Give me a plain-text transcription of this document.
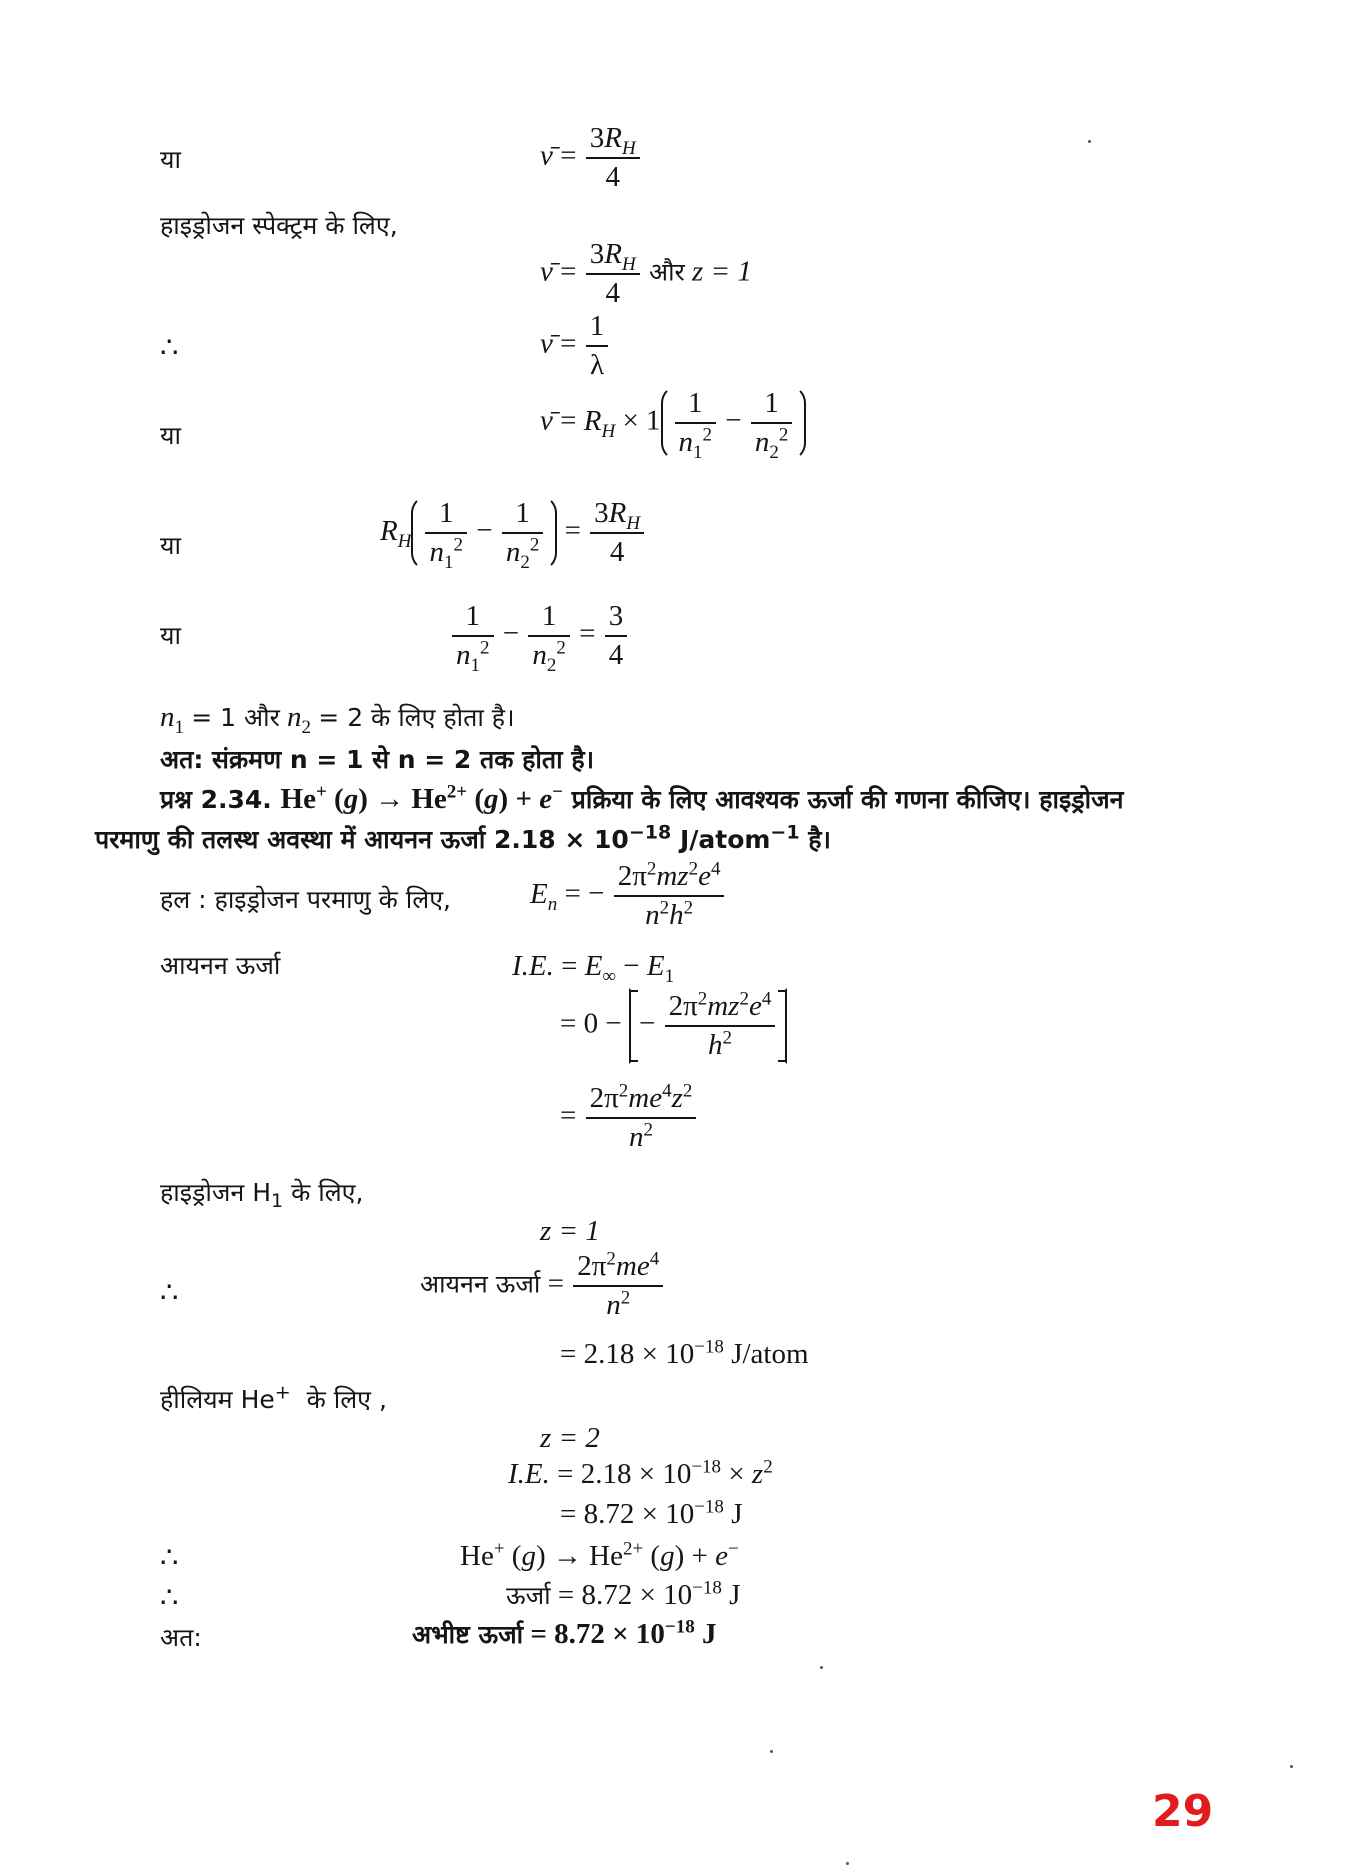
या	ν̄ = $\frac{3R_H}{4}$
हाइड्रोजन स्पेक्ट्रम के लिए,
ν̄ = $\frac{3R_H}{4}$ और z = 1
∴	ν̄ = $\frac{1}{\lambda}$
या	ν̄ = $R_H \times 1 \frac{1}{n_1^2} - \frac{1}{n_2^2}$
या	$R_H \frac{1}{n_1^2} - \frac{1}{n_2^2} = \frac{3R_H}{4}$
या	$\frac{1}{n_1^2} - \frac{1}{n_2^2} = \frac{3}{4}$
$n_1 = 1$ और $n_2 = 2$ के लिए होता है।
अत: संक्रमण n = 1 से n = 2 तक होता है।
प्रश्न 2.34. He+ $(g) \to He^{2+}$ (g) + e− प्रक्रिया के लिए आवश्यक ऊर्जा की गणना कीजिए। हाइड्रोजन
परमाणु की तलस्थ अवस्था में आयनन ऊर्जा $2.18 \times 10^{-18}$ J/atom$^{-1}$ है।
हल : हाइड्रोजन परमाणु के लिए,	$E_n$ = − $\frac{2\pi^2mz^2e^4}{n^2h^2}$
आयनन ऊर्जा	I.E. = $E_\infty - E_1$
= 0 −
− $\frac{2\pi^2mz^2e^4}{h^2}$
= $\frac{2\pi^2me^4z^2}{n^2}$
हाइड्रोजन $H_1$ के लिए,
z = 1
∴	आयनन ऊर्जा = $\frac{2\pi^2me^4}{n^2}$
= $2.18 \times 10^{-18}$ J/atom
हीलियम He+ के लिए ,
z = 2
I.E. = $2.18 \times 10^{-18} \times z^2$
= $8.72 \times 10^{-18}$ J
∴	He+ $(g) \to He^{2+}$ (g) + e−
∴	ऊर्जा = $8.72 \times 10^{-18}$ J
अत:	अभीष्ट ऊर्जा = $8.72 \times 10^{-18}$ J
29
